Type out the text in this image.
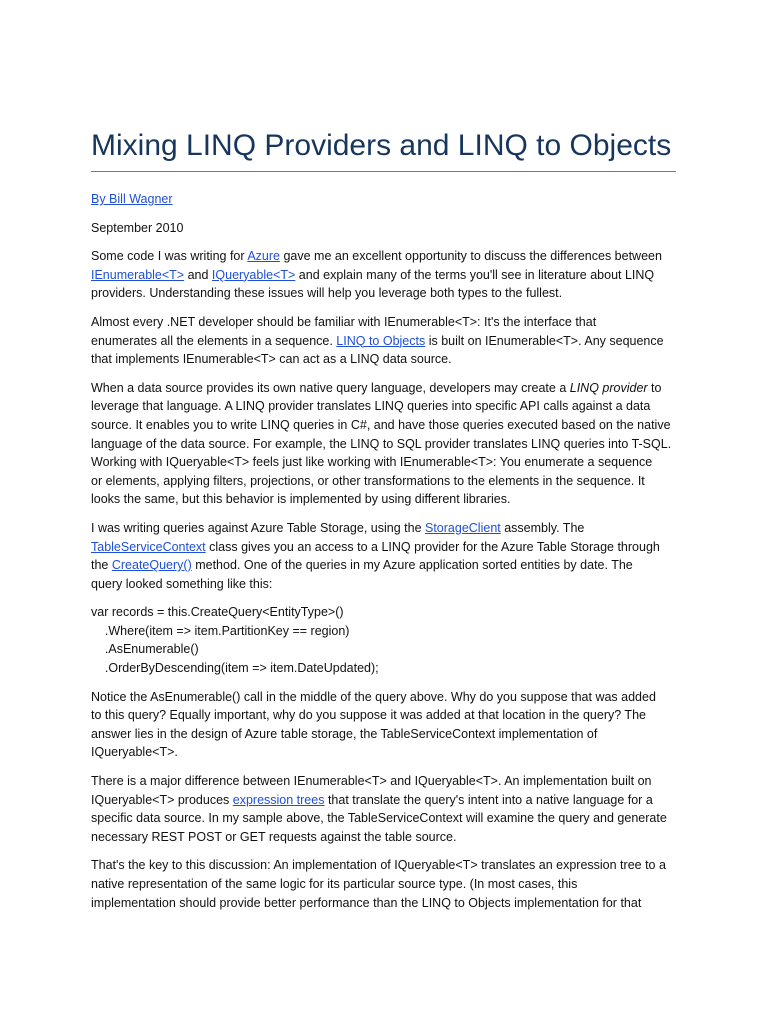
Mixing LINQ Providers and LINQ to Objects

By Bill Wagner

September 2010

Some code I was writing for Azure gave me an excellent opportunity to discuss the differences between
IEnumerable<T> and IQueryable<T> and explain many of the terms you'll see in literature about LINQ
providers. Understanding these issues will help you leverage both types to the fullest.

Almost every .NET developer should be familiar with IEnumerable<T>: It's the interface that
enumerates all the elements in a sequence. LINQ to Objects is built on IEnumerable<T>. Any sequence
that implements IEnumerable<T> can act as a LINQ data source.

When a data source provides its own native query language, developers may create a LINQ provider to
leverage that language. A LINQ provider translates LINQ queries into specific API calls against a data
source. It enables you to write LINQ queries in C#, and have those queries executed based on the native
language of the data source. For example, the LINQ to SQL provider translates LINQ queries into T-SQL.
Working with IQueryable<T> feels just like working with IEnumerable<T>: You enumerate a sequence
or elements, applying filters, projections, or other transformations to the elements in the sequence. It
looks the same, but this behavior is implemented by using different libraries.

I was writing queries against Azure Table Storage, using the StorageClient assembly. The
TableServiceContext class gives you an access to a LINQ provider for the Azure Table Storage through
the CreateQuery() method. One of the queries in my Azure application sorted entities by date. The
query looked something like this:

var records = this.CreateQuery<EntityType>()
.Where(item => item.PartitionKey == region)
.AsEnumerable()
.OrderByDescending(item => item.DateUpdated);

Notice the AsEnumerable() call in the middle of the query above. Why do you suppose that was added
to this query? Equally important, why do you suppose it was added at that location in the query? The
answer lies in the design of Azure table storage, the TableServiceContext implementation of
IQueryable<T>.

There is a major difference between IEnumerable<T> and IQueryable<T>. An implementation built on
IQueryable<T> produces expression trees that translate the query's intent into a native language for a
specific data source. In my sample above, the TableServiceContext will examine the query and generate
necessary REST POST or GET requests against the table source.

That's the key to this discussion: An implementation of IQueryable<T> translates an expression tree to a
native representation of the same logic for its particular source type. (In most cases, this
implementation should provide better performance than the LINQ to Objects implementation for that
